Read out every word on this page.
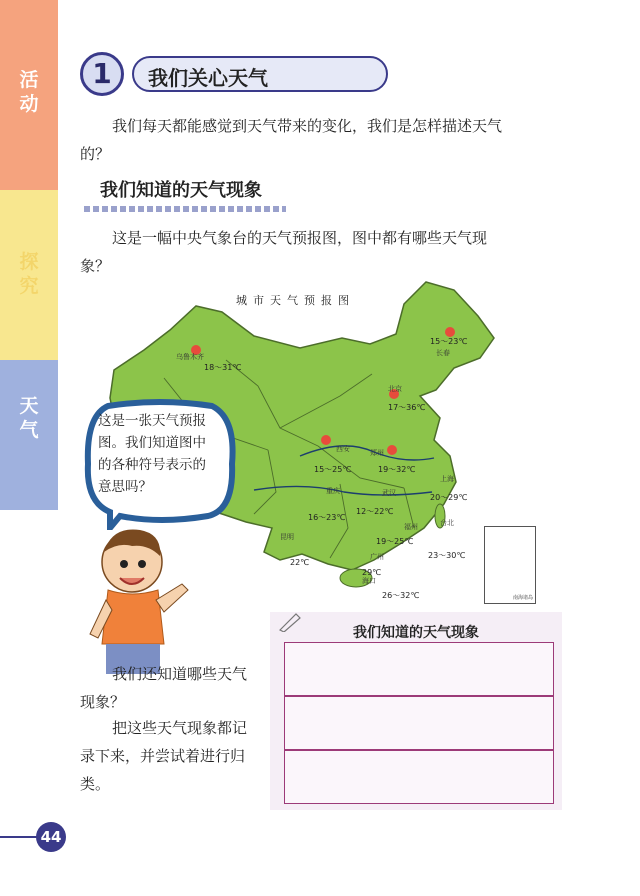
活
动
探
究
天
气
1	我们关心天气
我们每天都能感觉到天气带来的变化，我们是怎样描述天气
的？
我们知道的天气现象
这是一幅中央气象台的天气预报图，图中都有哪些天气现
象？
城市天气预报图
乌鲁木齐
18～31℃
长春
15～23℃
北京
17～36℃
西安
15～25℃
郑州
19～32℃
上海
20～29℃
重庆
16～23℃
武汉
12～22℃
福州
19～25℃
台北
23～30℃
昆明
22℃
广州
29℃
海口
26～32℃	南海诸岛
这是一张天气预报
图。我们知道图中
的各种符号表示的
意思吗？
我们知道的天气现象
我们还知道哪些天气
现象？
把这些天气现象都记
录下来，并尝试着进行归
类。
44
